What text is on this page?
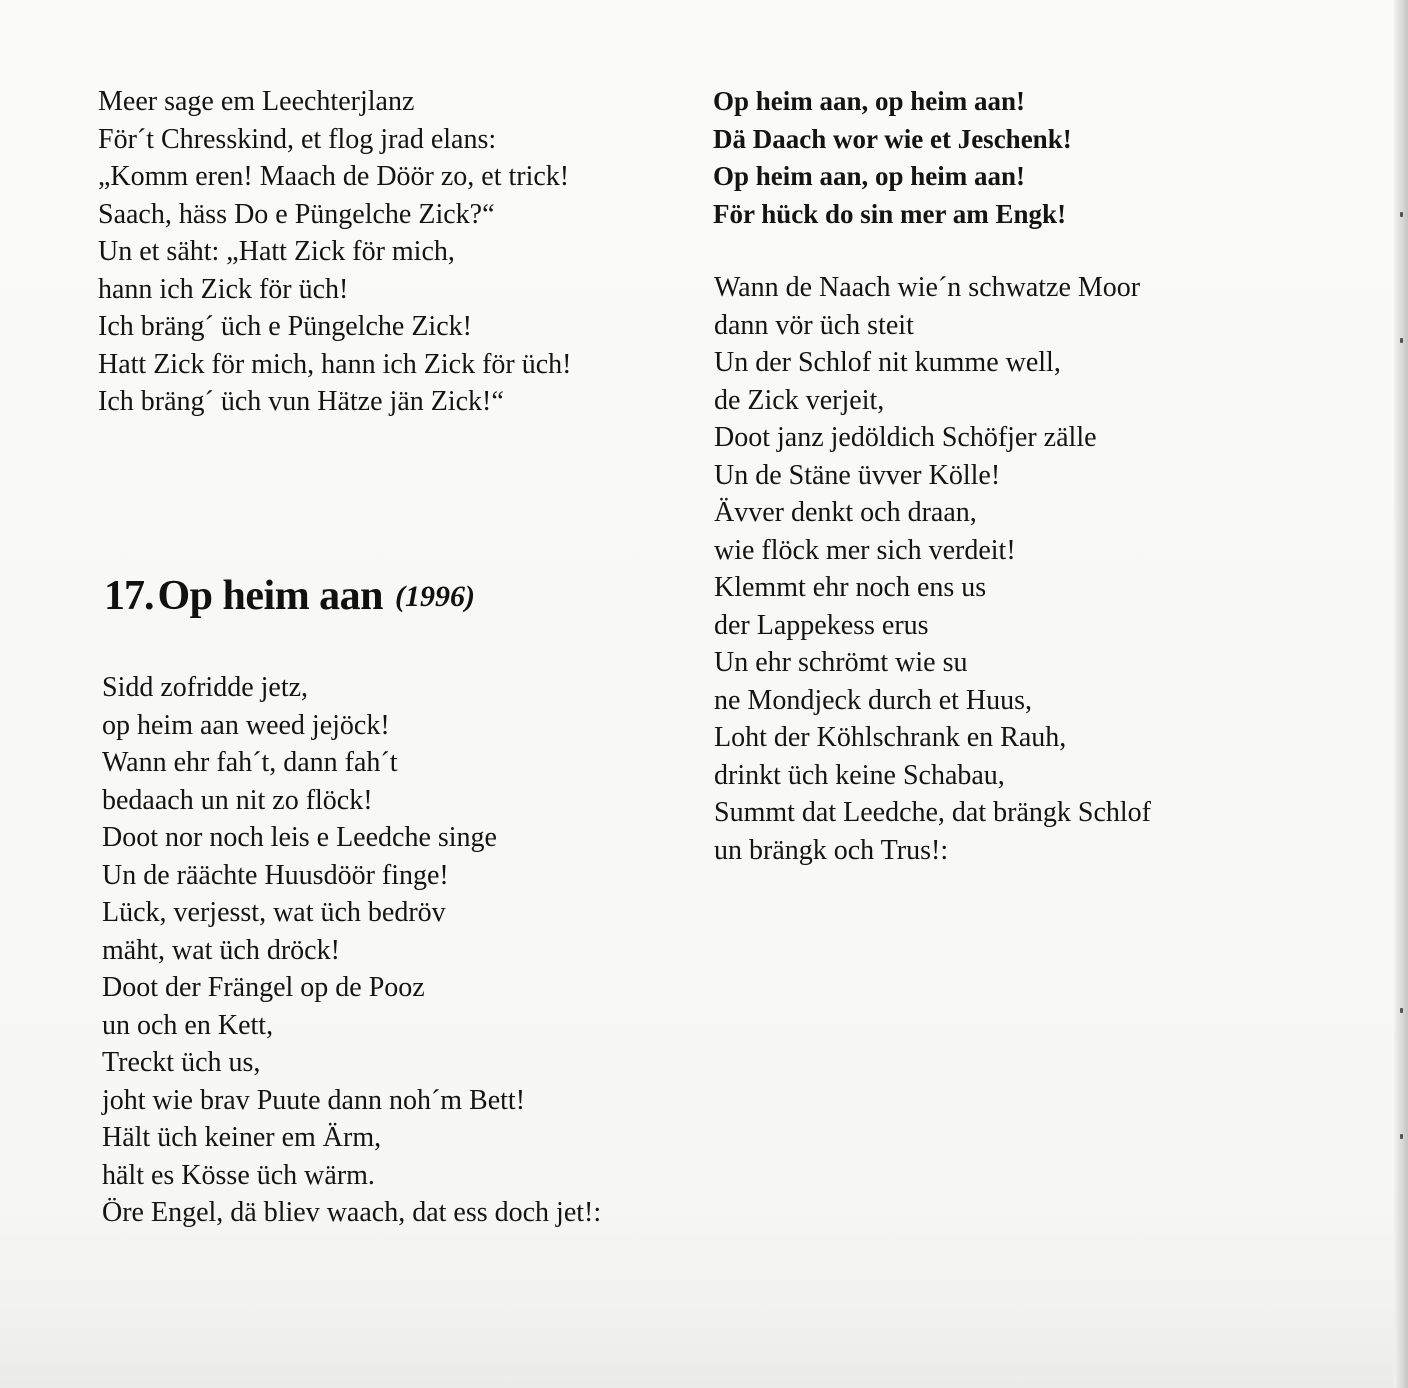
Meer sage em Leechterjlanz
För´t Chresskind, et flog jrad elans:
„Komm eren! Maach de Döör zo, et trick!
Saach, häss Do e Püngelche Zick?“
Un et säht: „Hatt Zick för mich,
hann ich Zick för üch!
Ich bräng´ üch e Püngelche Zick!
Hatt Zick för mich, hann ich Zick för üch!
Ich bräng´ üch vun Hätze jän Zick!“
17.Op heim aan (1996)
Sidd zofridde jetz,
op heim aan weed jejöck!
Wann ehr fah´t, dann fah´t
bedaach un nit zo flöck!
Doot nor noch leis e Leedche singe
Un de räächte Huusdöör finge!
Lück, verjesst, wat üch bedröv
mäht, wat üch dröck!
Doot der Frängel op de Pooz
un och en Kett,
Treckt üch us,
joht wie brav Puute dann noh´m Bett!
Hält üch keiner em Ärm,
hält es Kösse üch wärm.
Öre Engel, dä bliev waach, dat ess doch jet!:
Op heim aan, op heim aan!
Dä Daach wor wie et Jeschenk!
Op heim aan, op heim aan!
För hück do sin mer am Engk!
Wann de Naach wie´n schwatze Moor
dann vör üch steit
Un der Schlof nit kumme well,
de Zick verjeit,
Doot janz jedöldich Schöfjer zälle
Un de Stäne üvver Kölle!
Ävver denkt och draan,
wie flöck mer sich verdeit!
Klemmt ehr noch ens us
der Lappekess erus
Un ehr schrömt wie su
ne Mondjeck durch et Huus,
Loht der Köhlschrank en Rauh,
drinkt üch keine Schabau,
Summt dat Leedche, dat brängk Schlof
un brängk och Trus!:
